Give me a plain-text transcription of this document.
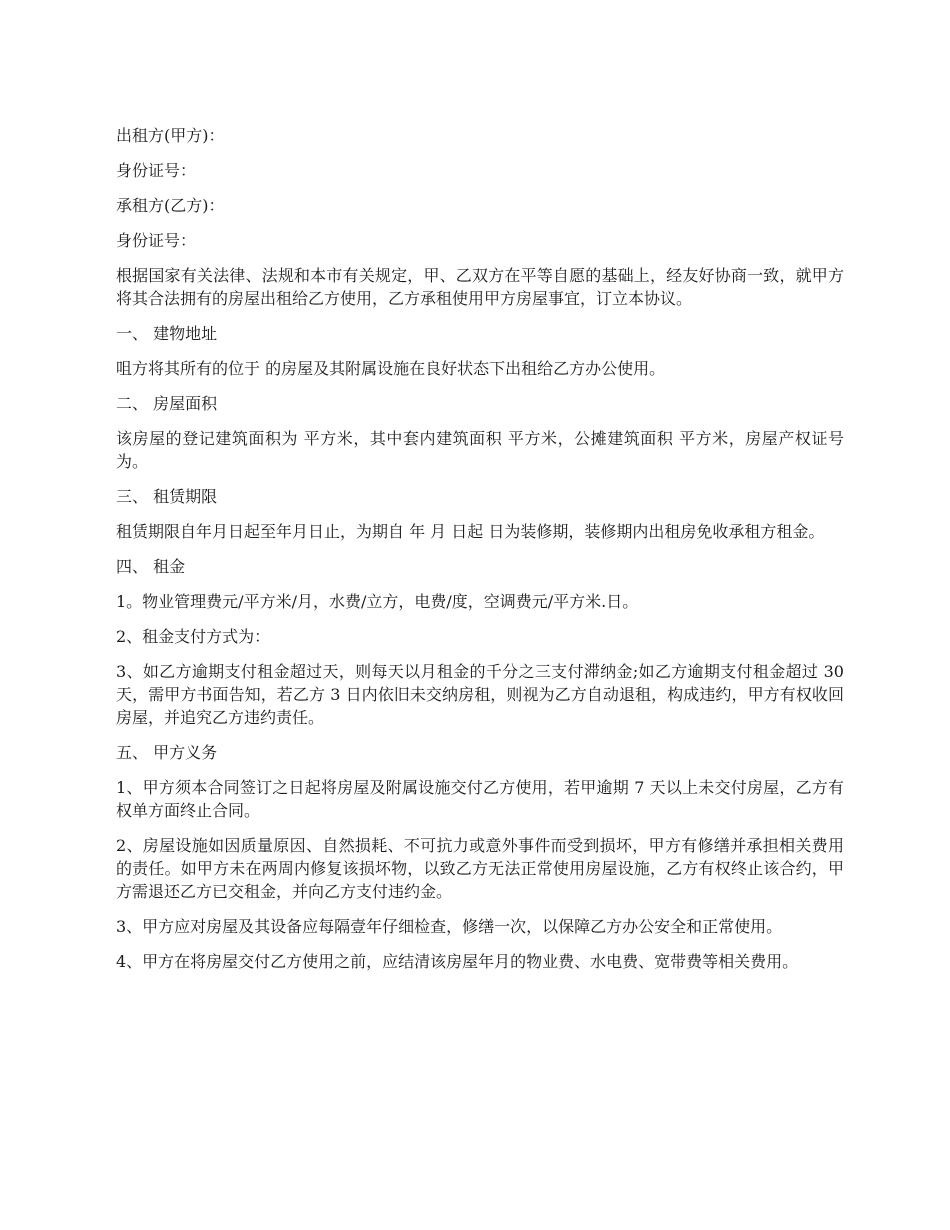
出租方(甲方)：

身份证号：

承租方(乙方)：

身份证号：

根据国家有关法律、法规和本市有关规定，甲、乙双方在平等自愿的基础上，经友好协商一致，就甲方将其合法拥有的房屋出租给乙方使用，乙方承租使用甲方房屋事宜，订立本协议。

一、 建物地址

咀方将其所有的位于 的房屋及其附属设施在良好状态下出租给乙方办公使用。

二、 房屋面积

该房屋的登记建筑面积为 平方米，其中套内建筑面积 平方米，公摊建筑面积 平方米，房屋产权证号为。

三、 租赁期限

租赁期限自年月日起至年月日止，为期自 年 月 日起 日为装修期，装修期内出租房免收承租方租金。

四、 租金

1。物业管理费元/平方米/月，水费/立方，电费/度，空调费元/平方米.日。

2、租金支付方式为：

3、如乙方逾期支付租金超过天，则每天以月租金的千分之三支付滞纳金;如乙方逾期支付租金超过 30 天，需甲方书面告知，若乙方 3 日内依旧未交纳房租，则视为乙方自动退租，构成违约，甲方有权收回房屋，并追究乙方违约责任。

五、 甲方义务

1、甲方须本合同签订之日起将房屋及附属设施交付乙方使用，若甲逾期 7 天以上未交付房屋，乙方有权单方面终止合同。

2、房屋设施如因质量原因、自然损耗、不可抗力或意外事件而受到损坏，甲方有修缮并承担相关费用的责任。如甲方未在两周内修复该损坏物，以致乙方无法正常使用房屋设施，乙方有权终止该合约，甲方需退还乙方已交租金，并向乙方支付违约金。

3、甲方应对房屋及其设备应每隔壹年仔细检查，修缮一次，以保障乙方办公安全和正常使用。

4、甲方在将房屋交付乙方使用之前，应结清该房屋年月的物业费、水电费、宽带费等相关费用。
